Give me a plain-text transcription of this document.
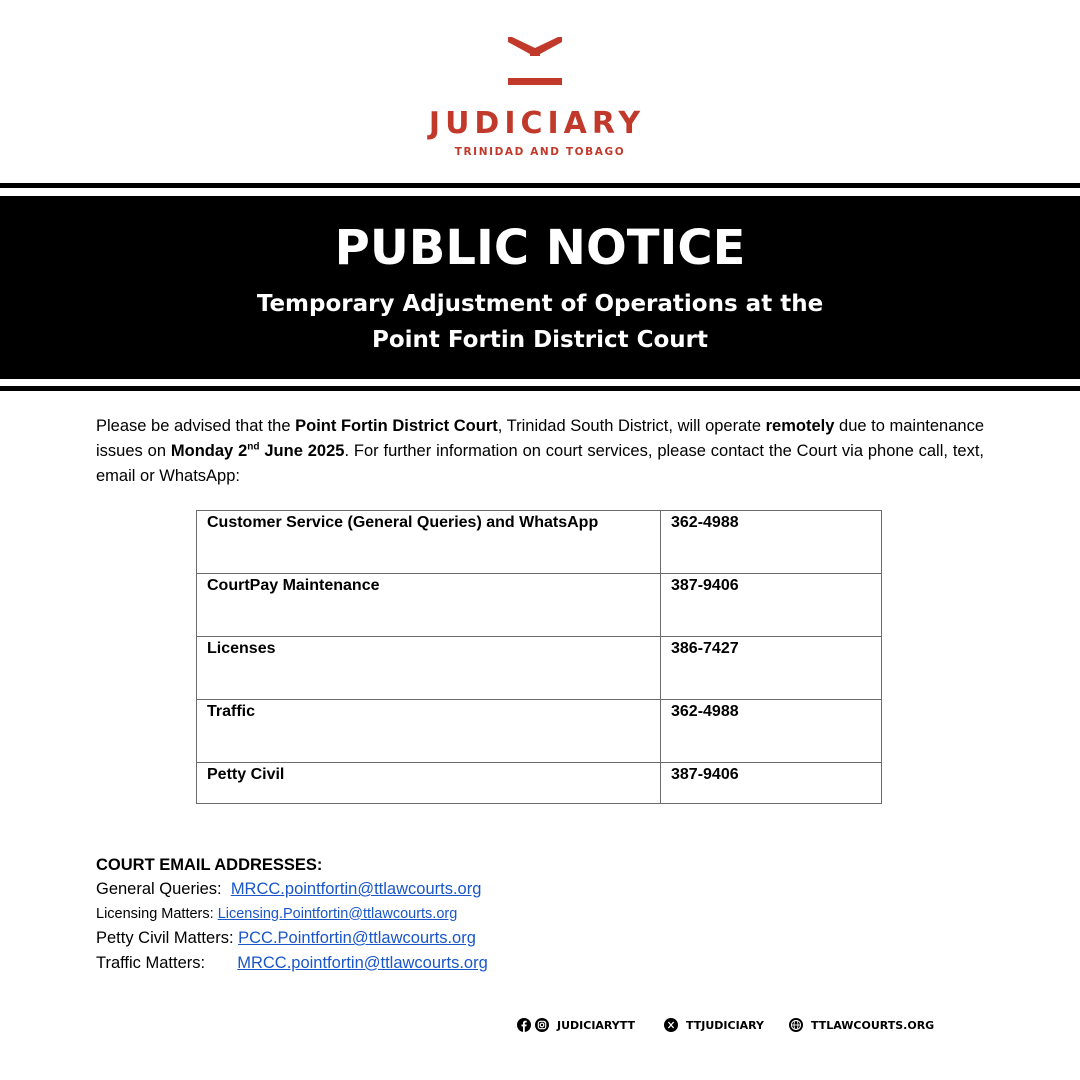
JUDICIARY
TRINIDAD AND TOBAGO
PUBLIC NOTICE
Temporary Adjustment of Operations at the
Point Fortin District Court
Please be advised that the Point Fortin District Court, Trinidad South District, will operate remotely due to maintenance issues on Monday 2nd June 2025. For further information on court services, please contact the Court via phone call, text, email or WhatsApp:
Customer Service (General Queries) and WhatsApp	362-4988
CourtPay Maintenance	387-9406
Licenses	386-7427
Traffic	362-4988
Petty Civil	387-9406
COURT EMAIL ADDRESSES:
General Queries:  MRCC.pointfortin@ttlawcourts.org
Licensing Matters: Licensing.Pointfortin@ttlawcourts.org
Petty Civil Matters: PCC.Pointfortin@ttlawcourts.org
Traffic Matters:       MRCC.pointfortin@ttlawcourts.org
JUDICIARYTT	TTJUDICIARY	TTLAWCOURTS.ORG
